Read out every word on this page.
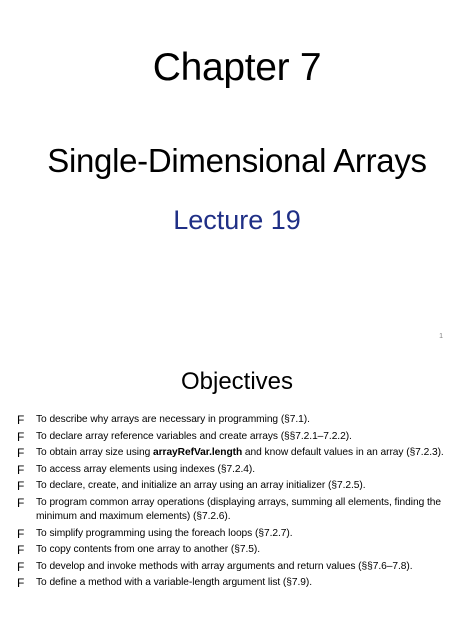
Chapter 7
Single-Dimensional Arrays
Lecture 19
1
Objectives
F To describe why arrays are necessary in programming (§7.1).
F To declare array reference variables and create arrays (§§7.2.1–7.2.2).
F To obtain array size using arrayRefVar.length and know default values in an array (§7.2.3).
F To access array elements using indexes (§7.2.4).
F To declare, create, and initialize an array using an array initializer (§7.2.5).
F To program common array operations (displaying arrays, summing all elements, finding the minimum and maximum elements) (§7.2.6).
F To simplify programming using the foreach loops (§7.2.7).
F To copy contents from one array to another (§7.5).
F To develop and invoke methods with array arguments and return values (§§7.6–7.8).
F To define a method with a variable-length argument list (§7.9).
